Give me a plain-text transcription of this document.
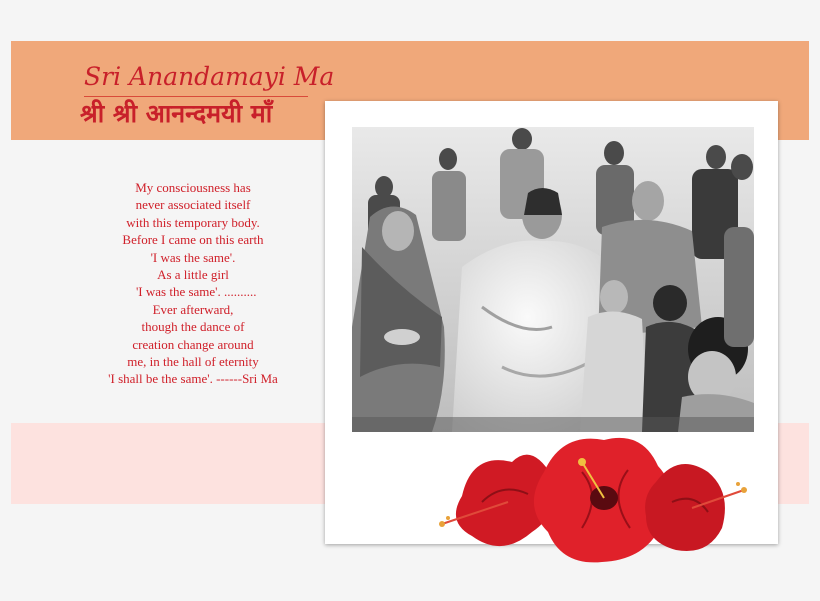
Sri Anandamayi Ma
श्री श्री आनन्दमयी माँ
My consciousness has
never associated itself
with this temporary body.
Before I came on this earth
'I was the same'.
As a little girl
'I was the same'. ..........
Ever afterward,
though the dance of
creation change around
me, in the hall of eternity
'I shall be the same'. ------Sri Ma
